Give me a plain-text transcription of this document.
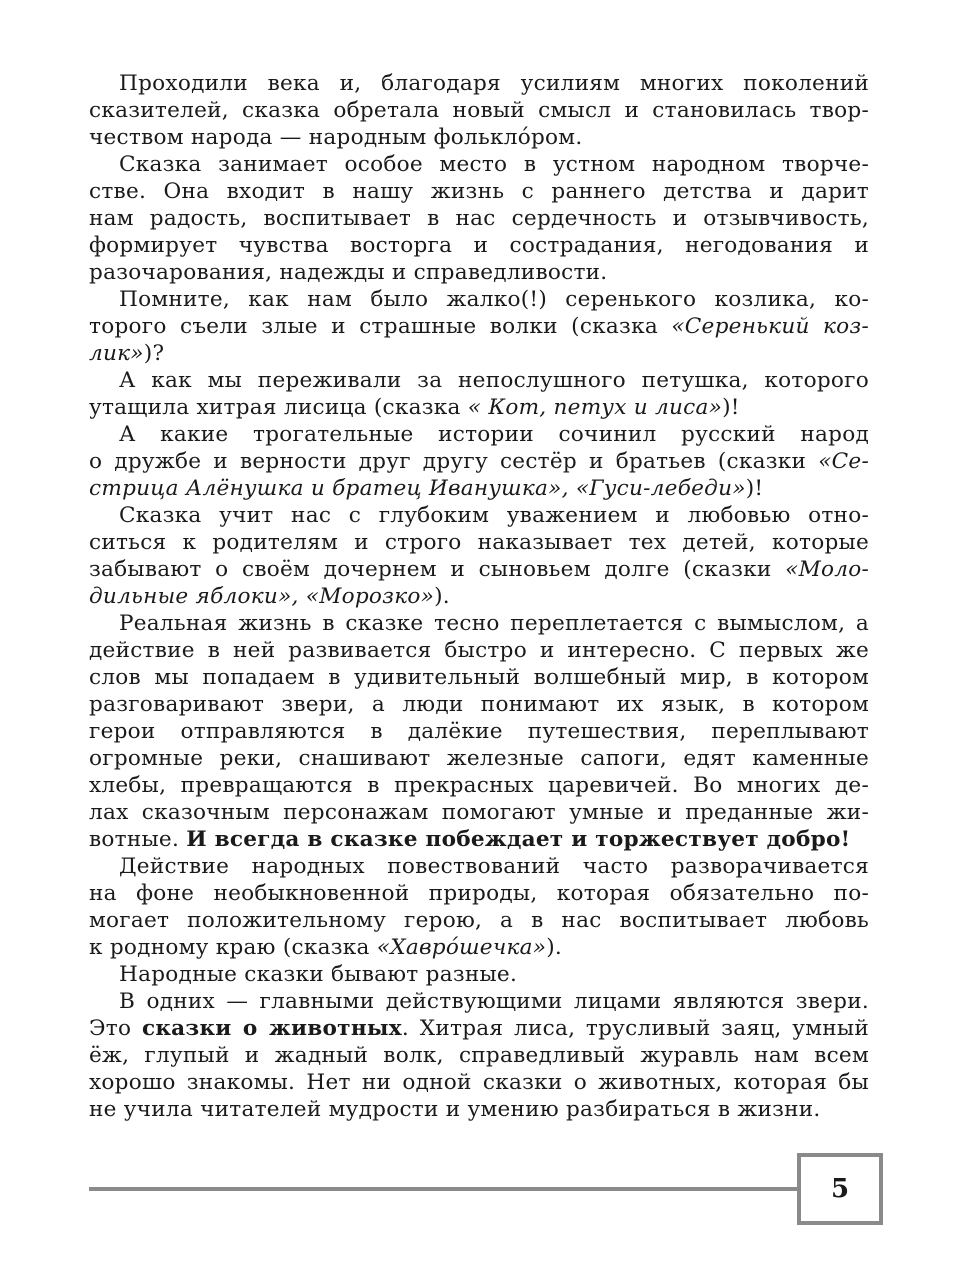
Проходили века и, благодаря усилиям многих поколений
сказителей, сказка обретала новый смысл и становилась твор-
чеством народа — народным фолькло́ром.

Сказка занимает особое место в устном народном творче-
стве. Она входит в нашу жизнь с раннего детства и дарит
нам радость, воспитывает в нас сердечность и отзывчивость,
формирует чувства восторга и сострадания, негодования и
разочарования, надежды и справедливости.

Помните, как нам было жалко(!) серенького козлика, ко-
торого съели злые и страшные волки (сказка «Серенький коз-
лик»)?

А как мы переживали за непослушного петушка, которого
утащила хитрая лисица (сказка « Кот, петух и лиса»)!

А какие трогательные истории сочинил русский народ
о дружбе и верности друг другу сестёр и братьев (сказки «Се-
стрица Алёнушка и братец Иванушка», «Гуси-лебеди»)!

Сказка учит нас с глубоким уважением и любовью отно-
ситься к родителям и строго наказывает тех детей, которые
забывают о своём дочернем и сыновьем долге (сказки «Моло-
дильные яблоки», «Морозко»).

Реальная жизнь в сказке тесно переплетается с вымыслом, а
действие в ней развивается быстро и интересно. С первых же
слов мы попадаем в удивительный волшебный мир, в котором
разговаривают звери, а люди понимают их язык, в котором
герои отправляются в далёкие путешествия, переплывают
огромные реки, снашивают железные сапоги, едят каменные
хлебы, превращаются в прекрасных царевичей. Во многих де-
лах сказочным персонажам помогают умные и преданные жи-
вотные. И всегда в сказке побеждает и торжествует добро!

Действие народных повествований часто разворачивается
на фоне необыкновенной природы, которая обязательно по-
могает положительному герою, а в нас воспитывает любовь
к родному краю (сказка «Хавро́шечка»).

Народные сказки бывают разные.

В одних — главными действующими лицами являются звери.
Это сказки о животных. Хитрая лиса, трусливый заяц, умный
ёж, глупый и жадный волк, справедливый журавль нам всем
хорошо знакомы. Нет ни одной сказки о животных, которая бы
не учила читателей мудрости и умению разбираться в жизни.

5
